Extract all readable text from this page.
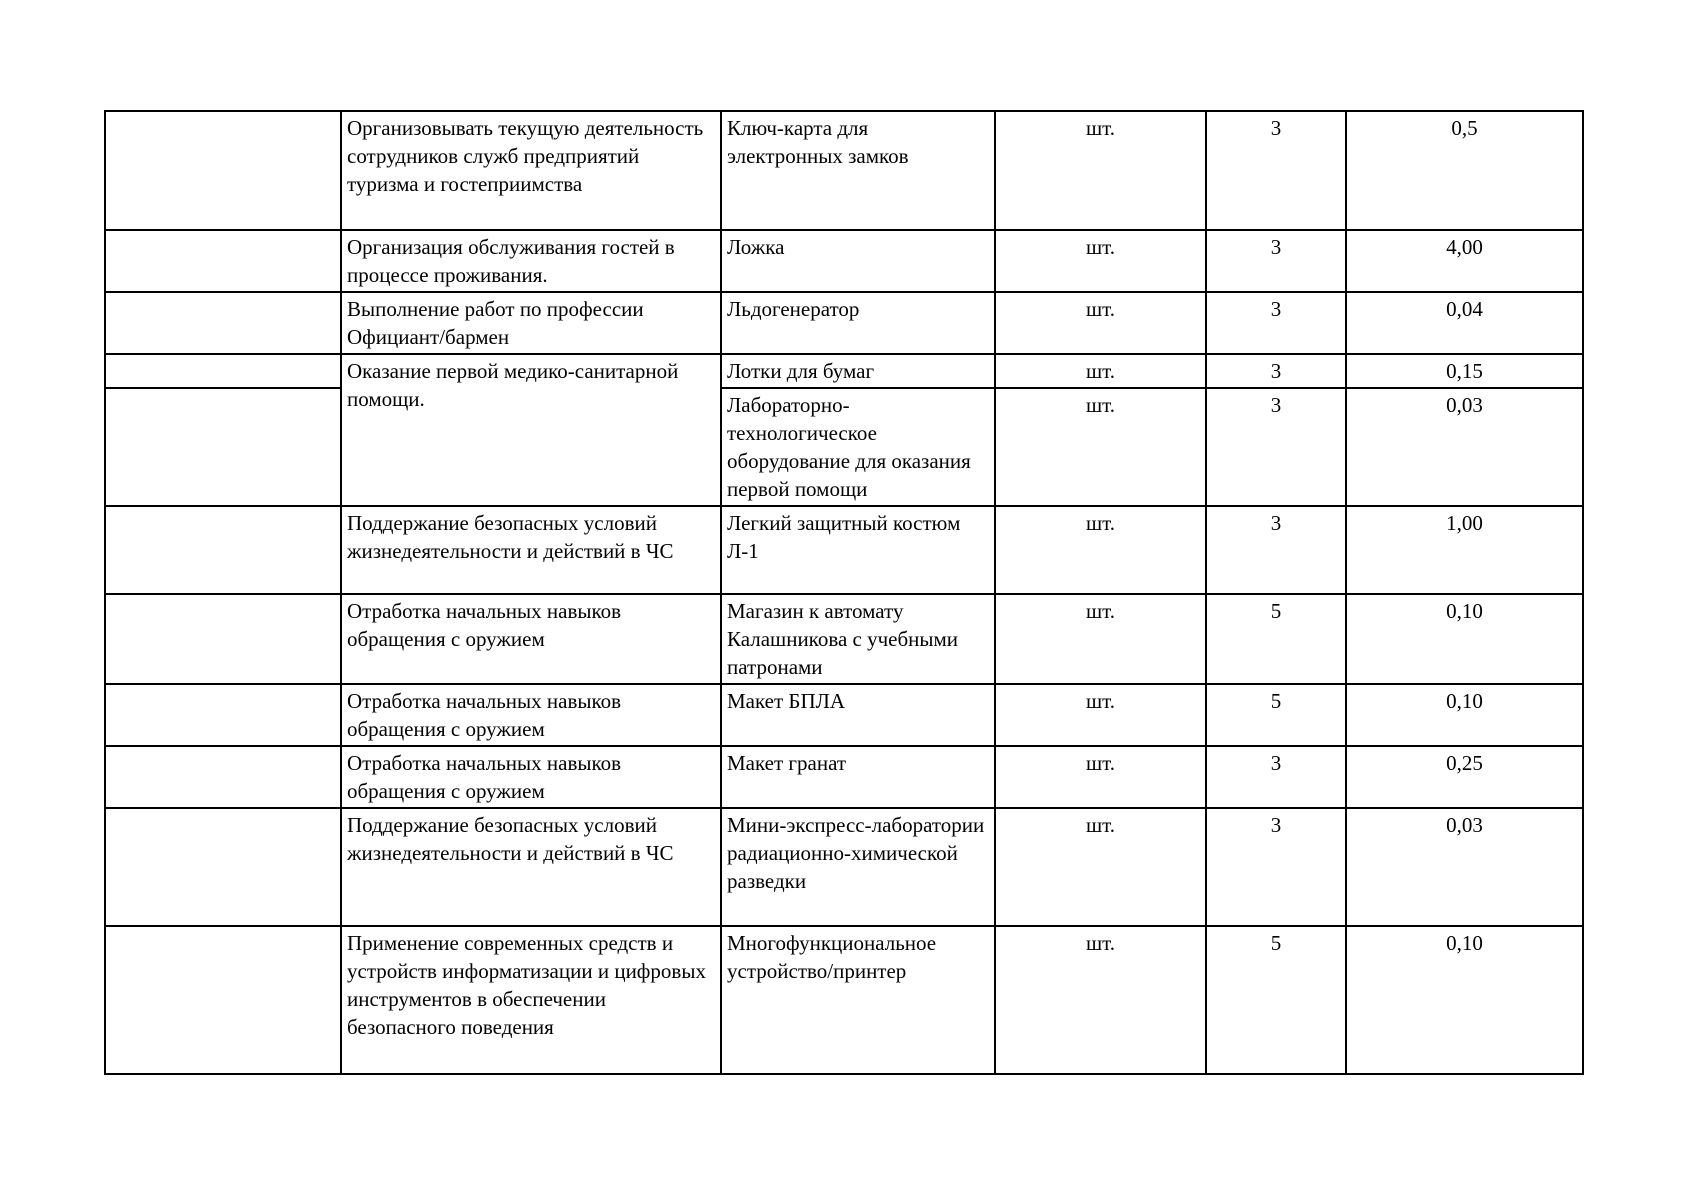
	Организовывать текущую деятельность сотрудников служб предприятий туризма и гостеприимства	Ключ-карта для электронных замков	шт.	3	0,5
	Организация обслуживания гостей в процессе проживания.	Ложка	шт.	3	4,00
	Выполнение работ по профессии Официант/бармен	Льдогенератор	шт.	3	0,04
	Оказание первой медико-санитарной помощи.	Лотки для бумаг	шт.	3	0,15
		Лабораторно-технологическое оборудование для оказания первой помощи	шт.	3	0,03
	Поддержание безопасных условий жизнедеятельности и действий в ЧС	Легкий защитный костюм Л-1	шт.	3	1,00
	Отработка начальных навыков обращения с оружием	Магазин к автомату Калашникова с учебными патронами	шт.	5	0,10
	Отработка начальных навыков обращения с оружием	Макет БПЛА	шт.	5	0,10
	Отработка начальных навыков обращения с оружием	Макет гранат	шт.	3	0,25
	Поддержание безопасных условий жизнедеятельности и действий в ЧС	Мини-экспресс-лаборатории радиационно-химической разведки	шт.	3	0,03
	Применение современных средств и устройств информатизации и цифровых инструментов в обеспечении безопасного поведения	Многофункциональное устройство/принтер	шт.	5	0,10
